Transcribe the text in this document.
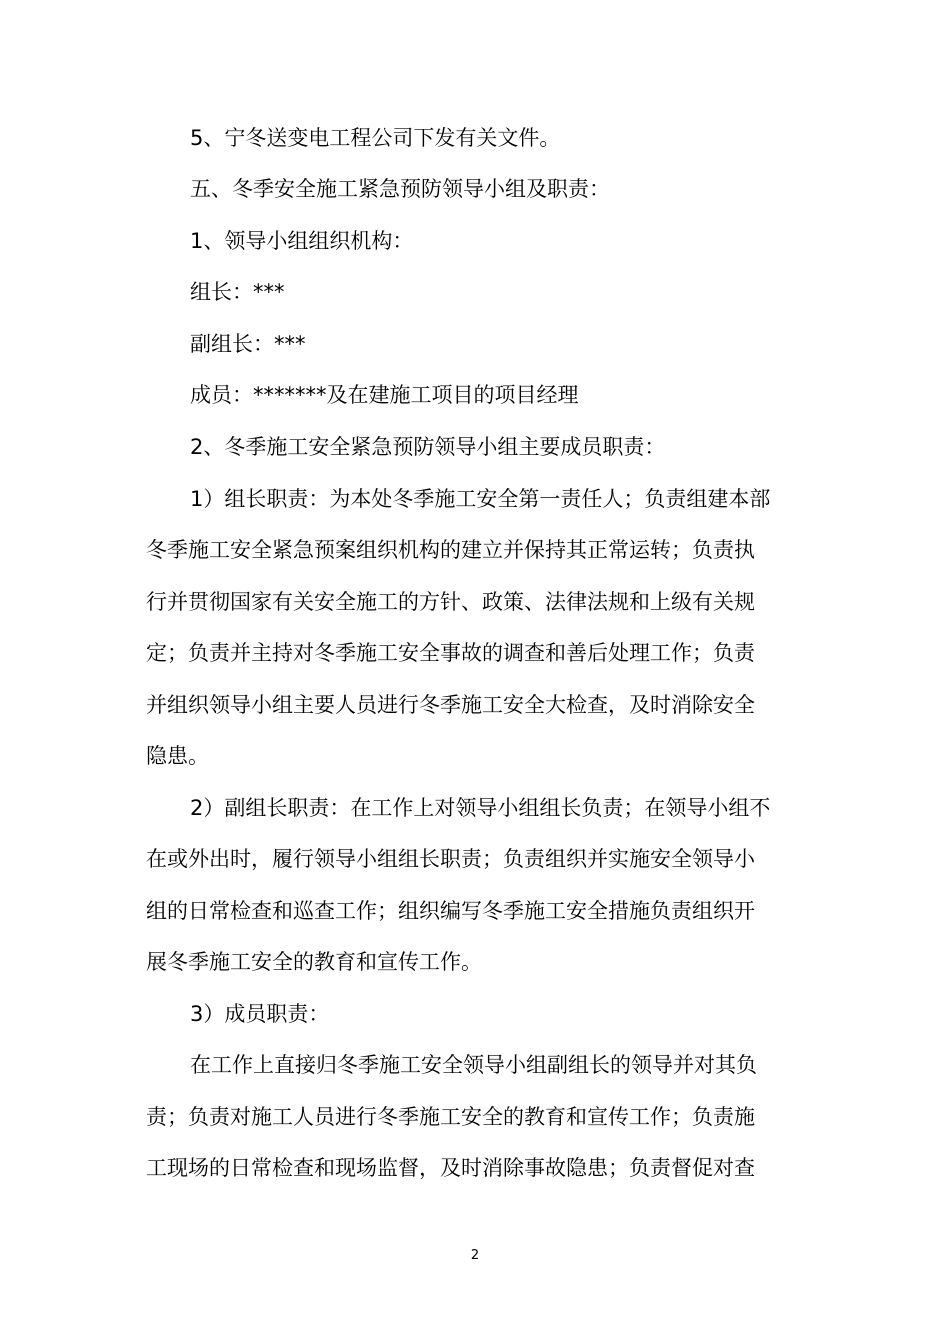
5、宁冬送变电工程公司下发有关文件。
五、冬季安全施工紧急预防领导小组及职责：
1、领导小组组织机构：
组长：***
副组长：***
成员：*******及在建施工项目的项目经理
2、冬季施工安全紧急预防领导小组主要成员职责：
1）组长职责：为本处冬季施工安全第一责任人；负责组建本部
冬季施工安全紧急预案组织机构的建立并保持其正常运转；负责执
行并贯彻国家有关安全施工的方针、政策、法律法规和上级有关规
定；负责并主持对冬季施工安全事故的调查和善后处理工作；负责
并组织领导小组主要人员进行冬季施工安全大检查，及时消除安全
隐患。
2）副组长职责：在工作上对领导小组组长负责；在领导小组不
在或外出时，履行领导小组组长职责；负责组织并实施安全领导小
组的日常检查和巡查工作；组织编写冬季施工安全措施负责组织开
展冬季施工安全的教育和宣传工作。
3）成员职责：
在工作上直接归冬季施工安全领导小组副组长的领导并对其负
责；负责对施工人员进行冬季施工安全的教育和宣传工作；负责施
工现场的日常检查和现场监督，及时消除事故隐患；负责督促对查
2
